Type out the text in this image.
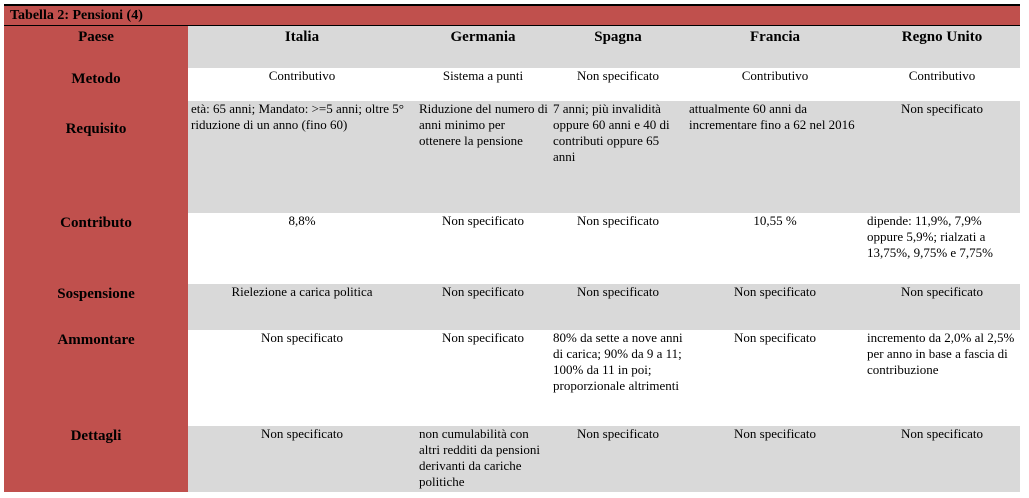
Tabella 2: Pensioni (4)
Paese	Italia	Germania	Spagna	Francia	Regno Unito
Metodo	Contributivo	Sistema a punti	Non specificato	Contributivo	Contributivo
Requisito	età: 65 anni; Mandato: >=5 anni; oltre 5° riduzione di un anno (fino 60)	Riduzione del numero di anni minimo per ottenere la pensione	7 anni; più invalidità oppure 60 anni e 40 di contributi oppure 65 anni	attualmente 60 anni da incrementare fino a 62 nel 2016	Non specificato
Contributo	8,8%	Non specificato	Non specificato	10,55 %	dipende: 11,9%, 7,9% oppure 5,9%; rialzati a 13,75%, 9,75% e 7,75%
Sospensione	Rielezione a carica politica	Non specificato	Non specificato	Non specificato	Non specificato
Ammontare	Non specificato	Non specificato	80% da sette a nove anni di carica; 90% da 9 a 11; 100% da 11 in poi; proporzionale altrimenti	Non specificato	incremento da 2,0% al 2,5% per anno in base a fascia di contribuzione
Dettagli	Non specificato	non cumulabilità con altri redditi da pensioni derivanti da cariche politiche	Non specificato	Non specificato	Non specificato
